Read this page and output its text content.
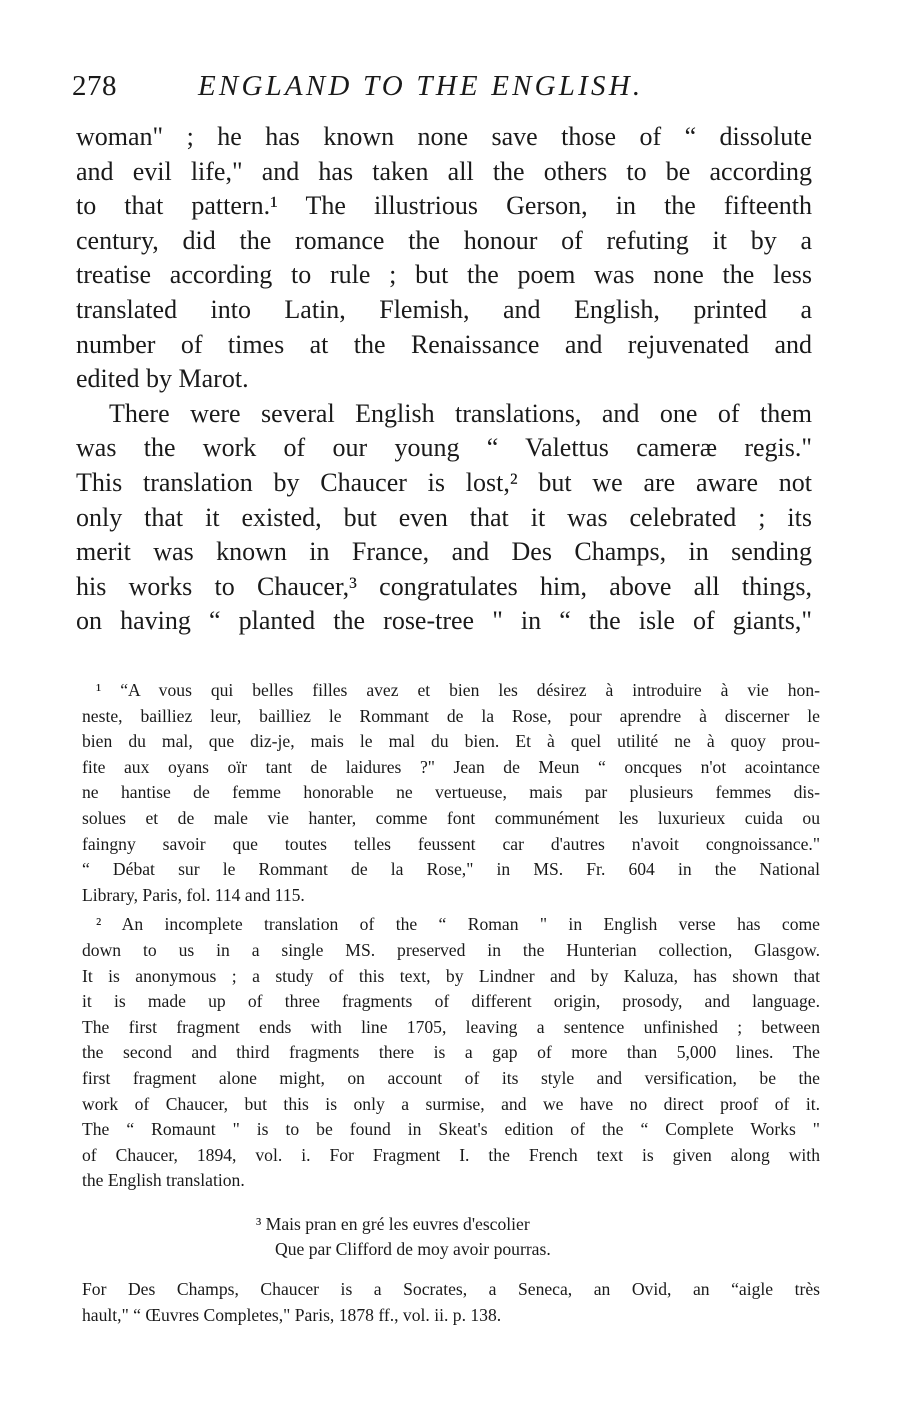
278	ENGLAND TO THE ENGLISH.
woman" ; he has known none save those of “ dissolute
and evil life," and has taken all the others to be according
to that pattern.¹ The illustrious Gerson, in the fifteenth
century, did the romance the honour of refuting it by a
treatise according to rule ; but the poem was none the less
translated into Latin, Flemish, and English, printed a
number of times at the Renaissance and rejuvenated and
edited by Marot.
There were several English translations, and one of them
was the work of our young “ Valettus cameræ regis."
This translation by Chaucer is lost,² but we are aware not
only that it existed, but even that it was celebrated ; its
merit was known in France, and Des Champs, in sending
his works to Chaucer,³ congratulates him, above all things,
on having “ planted the rose-tree " in “ the isle of giants,"
¹ “A vous qui belles filles avez et bien les désirez à introduire à vie hon-
neste, bailliez leur, bailliez le Rommant de la Rose, pour aprendre à discerner le
bien du mal, que diz-je, mais le mal du bien. Et à quel utilité ne à quoy prou-
fite aux oyans oïr tant de laidures ?" Jean de Meun “ oncques n'ot acointance
ne hantise de femme honorable ne vertueuse, mais par plusieurs femmes dis-
solues et de male vie hanter, comme font communément les luxurieux cuida ou
faingny savoir que toutes telles feussent car d'autres n'avoit congnoissance."
“ Débat sur le Rommant de la Rose," in MS. Fr. 604 in the National
Library, Paris, fol. 114 and 115.
² An incomplete translation of the “ Roman " in English verse has come
down to us in a single MS. preserved in the Hunterian collection, Glasgow.
It is anonymous ; a study of this text, by Lindner and by Kaluza, has shown that
it is made up of three fragments of different origin, prosody, and language.
The first fragment ends with line 1705, leaving a sentence unfinished ; between
the second and third fragments there is a gap of more than 5,000 lines. The
first fragment alone might, on account of its style and versification, be the
work of Chaucer, but this is only a surmise, and we have no direct proof of it.
The “ Romaunt " is to be found in Skeat's edition of the “ Complete Works "
of Chaucer, 1894, vol. i. For Fragment I. the French text is given along with
the English translation.
³ Mais pran en gré les euvres d'escolier
Que par Clifford de moy avoir pourras.
For Des Champs, Chaucer is a Socrates, a Seneca, an Ovid, an “aigle très
hault," “ Œuvres Completes," Paris, 1878 ff., vol. ii. p. 138.
